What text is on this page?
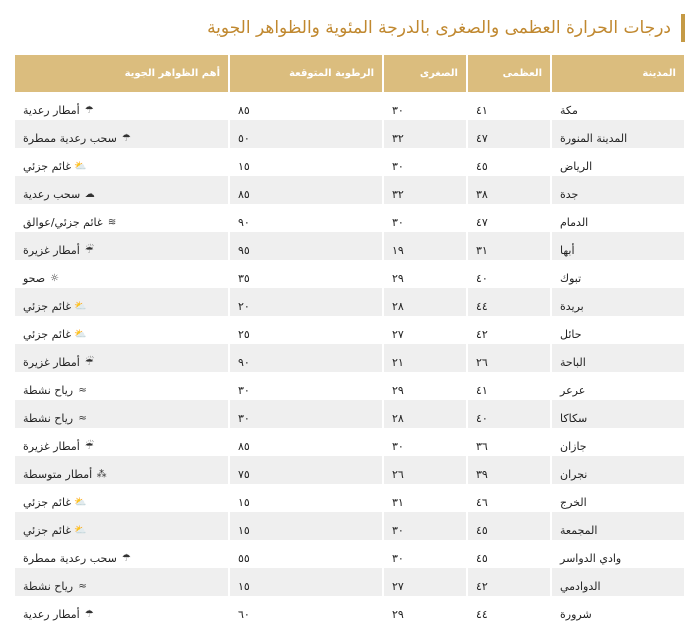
درجات الحرارة العظمى والصغرى بالدرجة المئوية والظواهر الجوية
المدينة	العظمى	الصغرى	الرطوبة المتوقعة	أهم الظواهر الجوية

مكة	٤١	٣٠	٨٥	☂
أمطار رعدية

المدينة المنورة	٤٧	٣٢	٥٠	☂
سحب رعدية ممطرة

الرياض	٤٥	٣٠	١٥	⛅
غائم جزئي

جدة	٣٨	٣٢	٨٥	☁
سحب رعدية

الدمام	٤٧	٣٠	٩٠	≋
غائم جزئي/عوالق

أبها	٣١	١٩	٩٥	☔
أمطار غزيرة

تبوك	٤٠	٢٩	٣٥	☼
صحو

بريدة	٤٤	٢٨	٢٠	⛅
غائم جزئي

حائل	٤٢	٢٧	٢٥	⛅
غائم جزئي

الباحة	٢٦	٢١	٩٠	☔
أمطار غزيرة

عرعر	٤١	٢٩	٣٠	≈
رياح نشطة

سكاكا	٤٠	٢٨	٣٠	≈
رياح نشطة

جازان	٣٦	٣٠	٨٥	☔
أمطار غزيرة

نجران	٣٩	٢٦	٧٥	⁂
أمطار متوسطة

الخرج	٤٦	٣١	١٥	⛅
غائم جزئي

المجمعة	٤٥	٣٠	١٥	⛅
غائم جزئي

وادي الدواسر	٤٥	٣٠	٥٥	☂
سحب رعدية ممطرة

الدوادمي	٤٢	٢٧	١٥	≈
رياح نشطة

شرورة	٤٤	٢٩	٦٠	☂
أمطار رعدية
